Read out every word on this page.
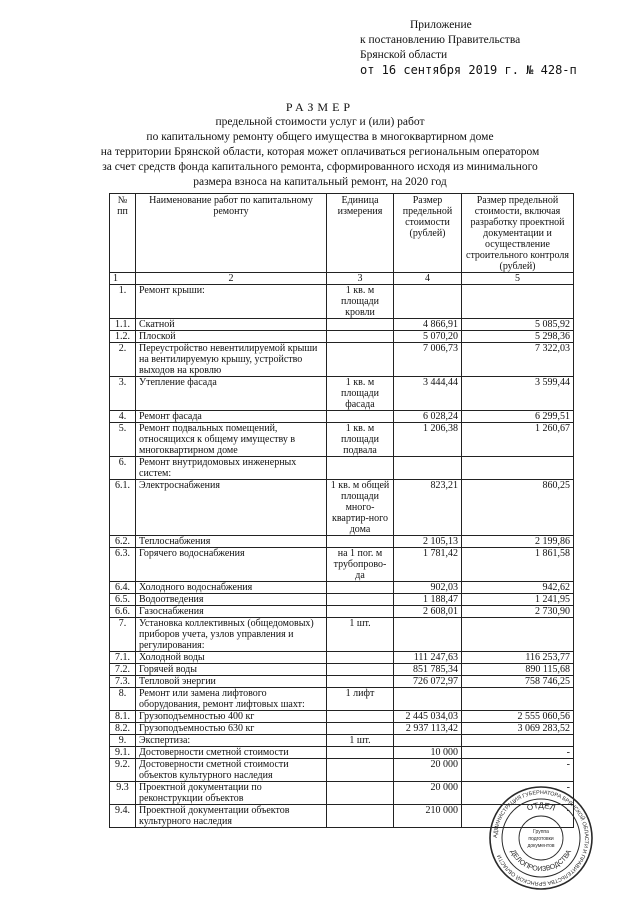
Приложение
к постановлению Правительства
Брянской области
от 16 сентября 2019 г. № 428-п
РАЗМЕР
предельной стоимости услуг и (или) работ
по капитальному ремонту общего имущества в многоквартирном доме
на территории Брянской области, которая может оплачиваться региональным оператором
за счет средств фонда капитального ремонта, сформированного исходя из минимального
размера взноса на капитальный ремонт, на 2020 год
№ пп	Наименование работ по капитальному ремонту	Единица измерения	Размер предельной стоимости (рублей)	Размер предельной стоимости, включая разработку проектной документации и осуществление строительного контроля (рублей)
1	2	3	4	5
1.	Ремонт крыши:	1 кв. м площади кровли		
1.1.	Скатной		4 866,91	5 085,92
1.2.	Плоской		5 070,20	5 298,36
2.	Переустройство невентилируемой крыши на вентилируемую крышу, устройство выходов на кровлю		7 006,73	7 322,03
3.	Утепление фасада	1 кв. м площади фасада	3 444,44	3 599,44
4.	Ремонт фасада		6 028,24	6 299,51
5.	Ремонт подвальных помещений, относящихся к общему имуществу в многоквартирном доме	1 кв. м площади подвала	1 206,38	1 260,67
6.	Ремонт внутридомовых инженерных систем:			
6.1.	Электроснабжения	1 кв. м общей площади много-квартир-ного дома	823,21	860,25
6.2.	Теплоснабжения		2 105,13	2 199,86
6.3.	Горячего водоснабжения	на 1 пог. м трубопрово-да	1 781,42	1 861,58
6.4.	Холодного водоснабжения		902,03	942,62
6.5.	Водоотведения		1 188,47	1 241,95
6.6.	Газоснабжения		2 608,01	2 730,90
7.	Установка коллективных (общедомовых) приборов учета, узлов управления и регулирования:	1 шт.		
7.1.	Холодной воды		111 247,63	116 253,77
7.2.	Горячей воды		851 785,34	890 115,68
7.3.	Тепловой энергии		726 072,97	758 746,25
8.	Ремонт или замена лифтового оборудования, ремонт лифтовых шахт:	1 лифт		
8.1.	Грузоподъемностью 400 кг		2 445 034,03	2 555 060,56
8.2.	Грузоподъемностью 630 кг		2 937 113,42	3 069 283,52
9.	Экспертиза:	1 шт.		
9.1.	Достоверности сметной стоимости		10 000	-
9.2.	Достоверности сметной стоимости объектов культурного наследия		20 000	-
9.3	Проектной документации по реконструкции объектов		20 000	-
9.4.	Проектной документации объектов культурного наследия		210 000	-
АДМИНИСТРАЦИЯ ГУБЕРНАТОРА БРЯНСКОЙ ОБЛАСТИ И ПРАВИТЕЛЬСТВА БРЯНСКОЙ ОБЛАСТИ
ОТДЕЛ
ДЕЛОПРОИЗВОДСТВА
Группа
подготовки
документов
